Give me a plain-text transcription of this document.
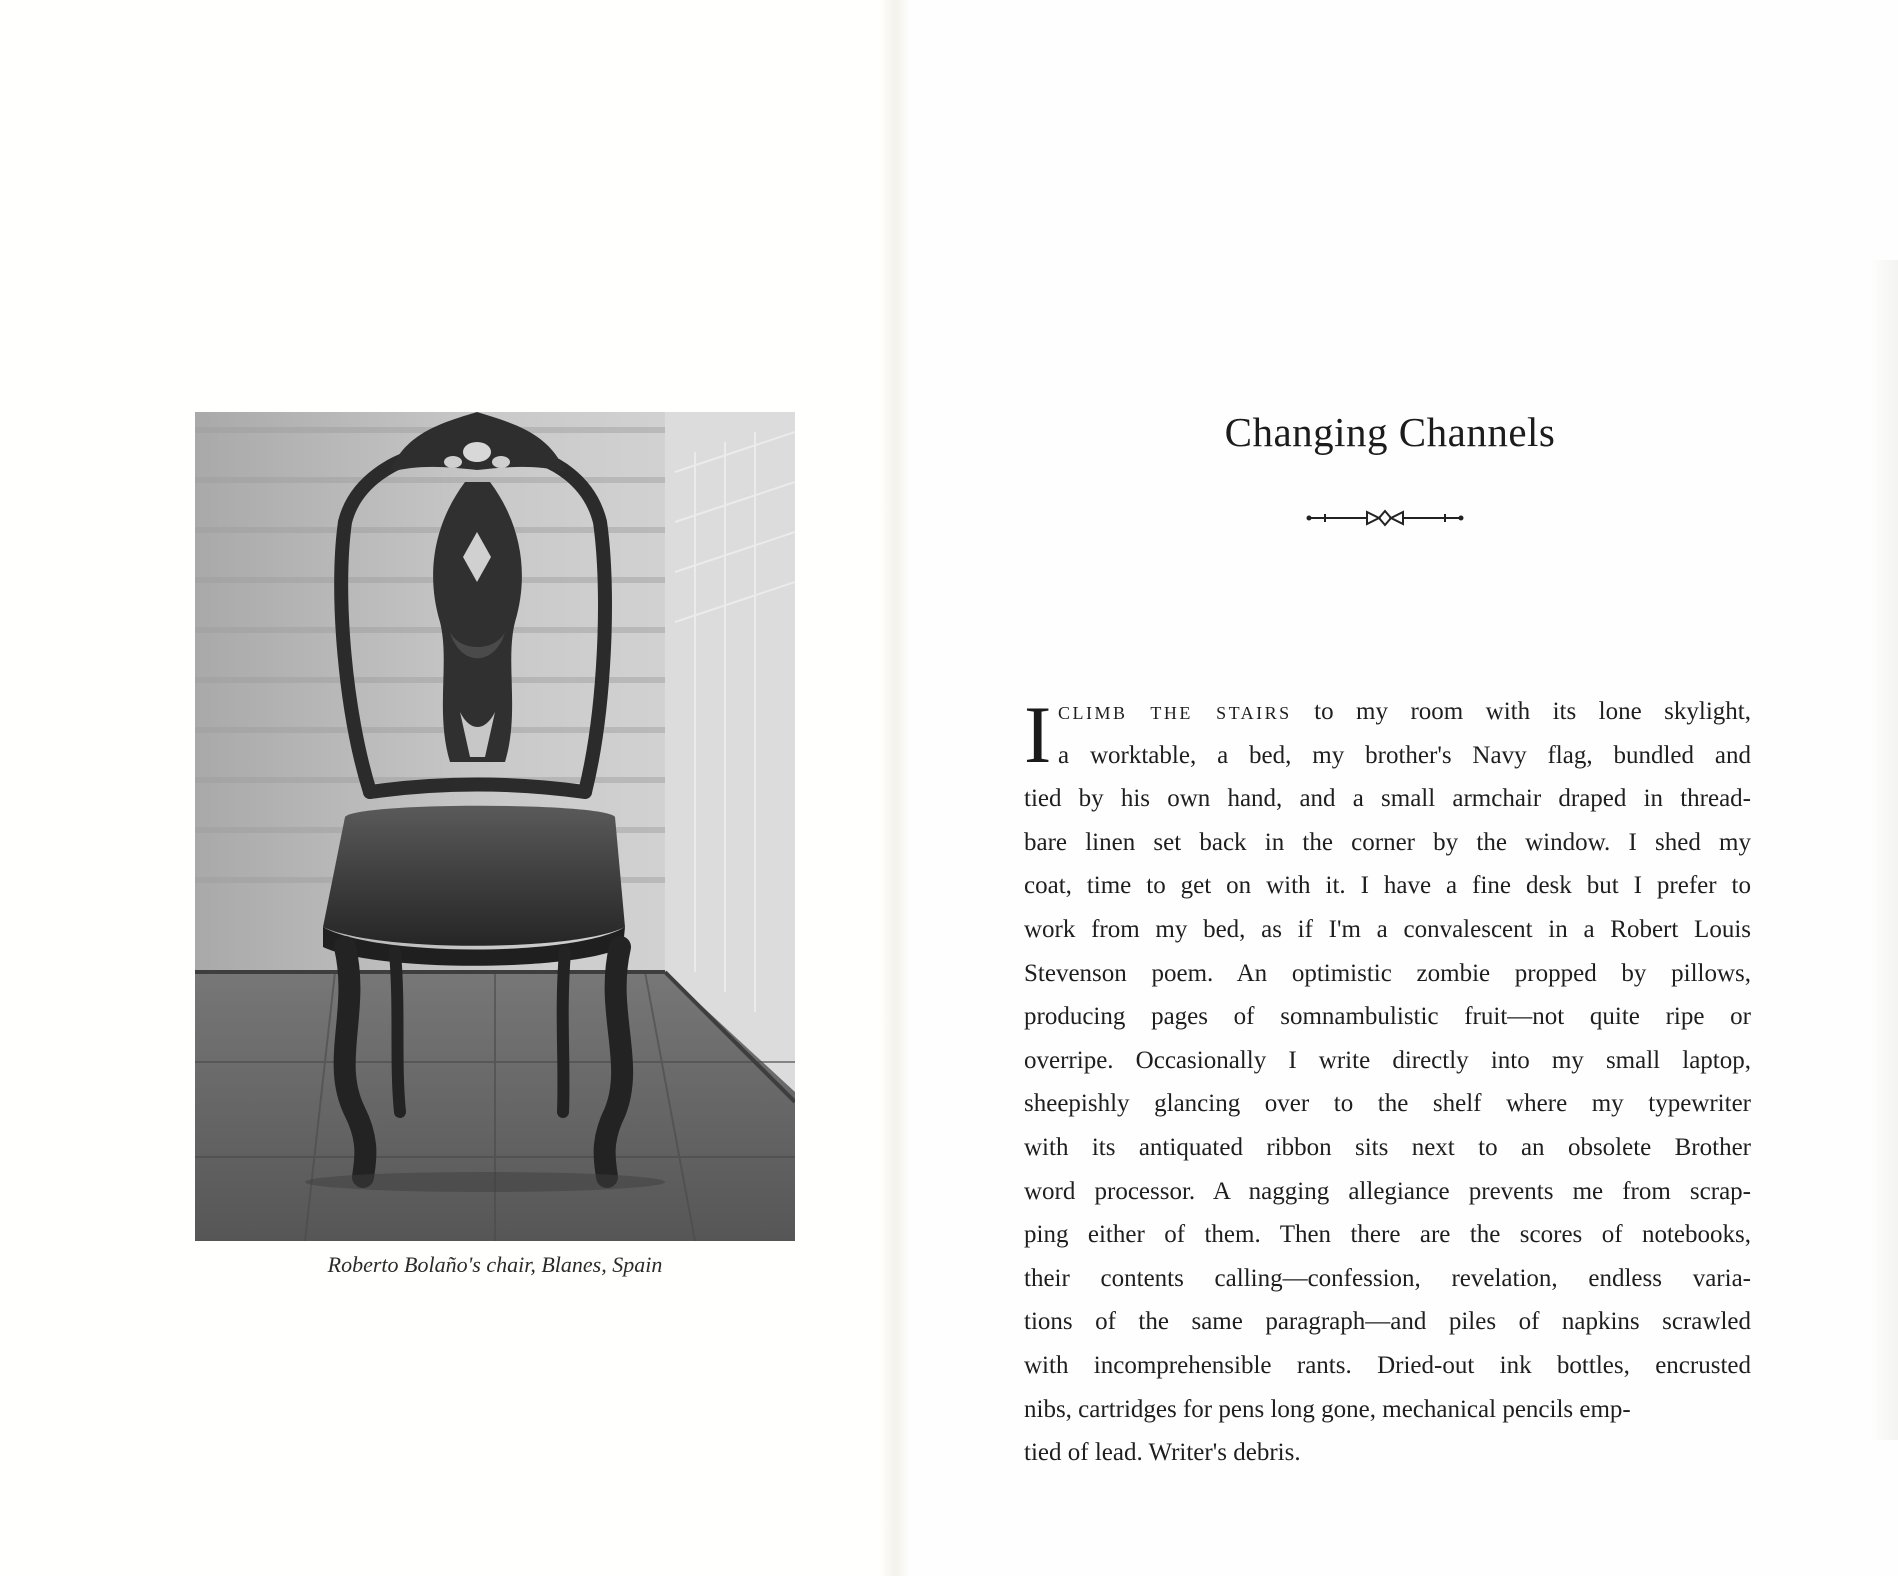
Roberto Bolaño's chair, Blanes, Spain
Changing Channels
I CLIMB THE STAIRS to my room with its lone skylight,
a worktable, a bed, my brother's Navy flag, bundled and
tied by his own hand, and a small armchair draped in thread-
bare linen set back in the corner by the window. I shed my
coat, time to get on with it. I have a fine desk but I prefer to
work from my bed, as if I'm a convalescent in a Robert Louis
Stevenson poem. An optimistic zombie propped by pillows,
producing pages of somnambulistic fruit—not quite ripe or
overripe. Occasionally I write directly into my small laptop,
sheepishly glancing over to the shelf where my typewriter
with its antiquated ribbon sits next to an obsolete Brother
word processor. A nagging allegiance prevents me from scrap-
ping either of them. Then there are the scores of notebooks,
their contents calling—confession, revelation, endless varia-
tions of the same paragraph—and piles of napkins scrawled
with incomprehensible rants. Dried-out ink bottles, encrusted
nibs, cartridges for pens long gone, mechanical pencils emp-
tied of lead. Writer's debris.
